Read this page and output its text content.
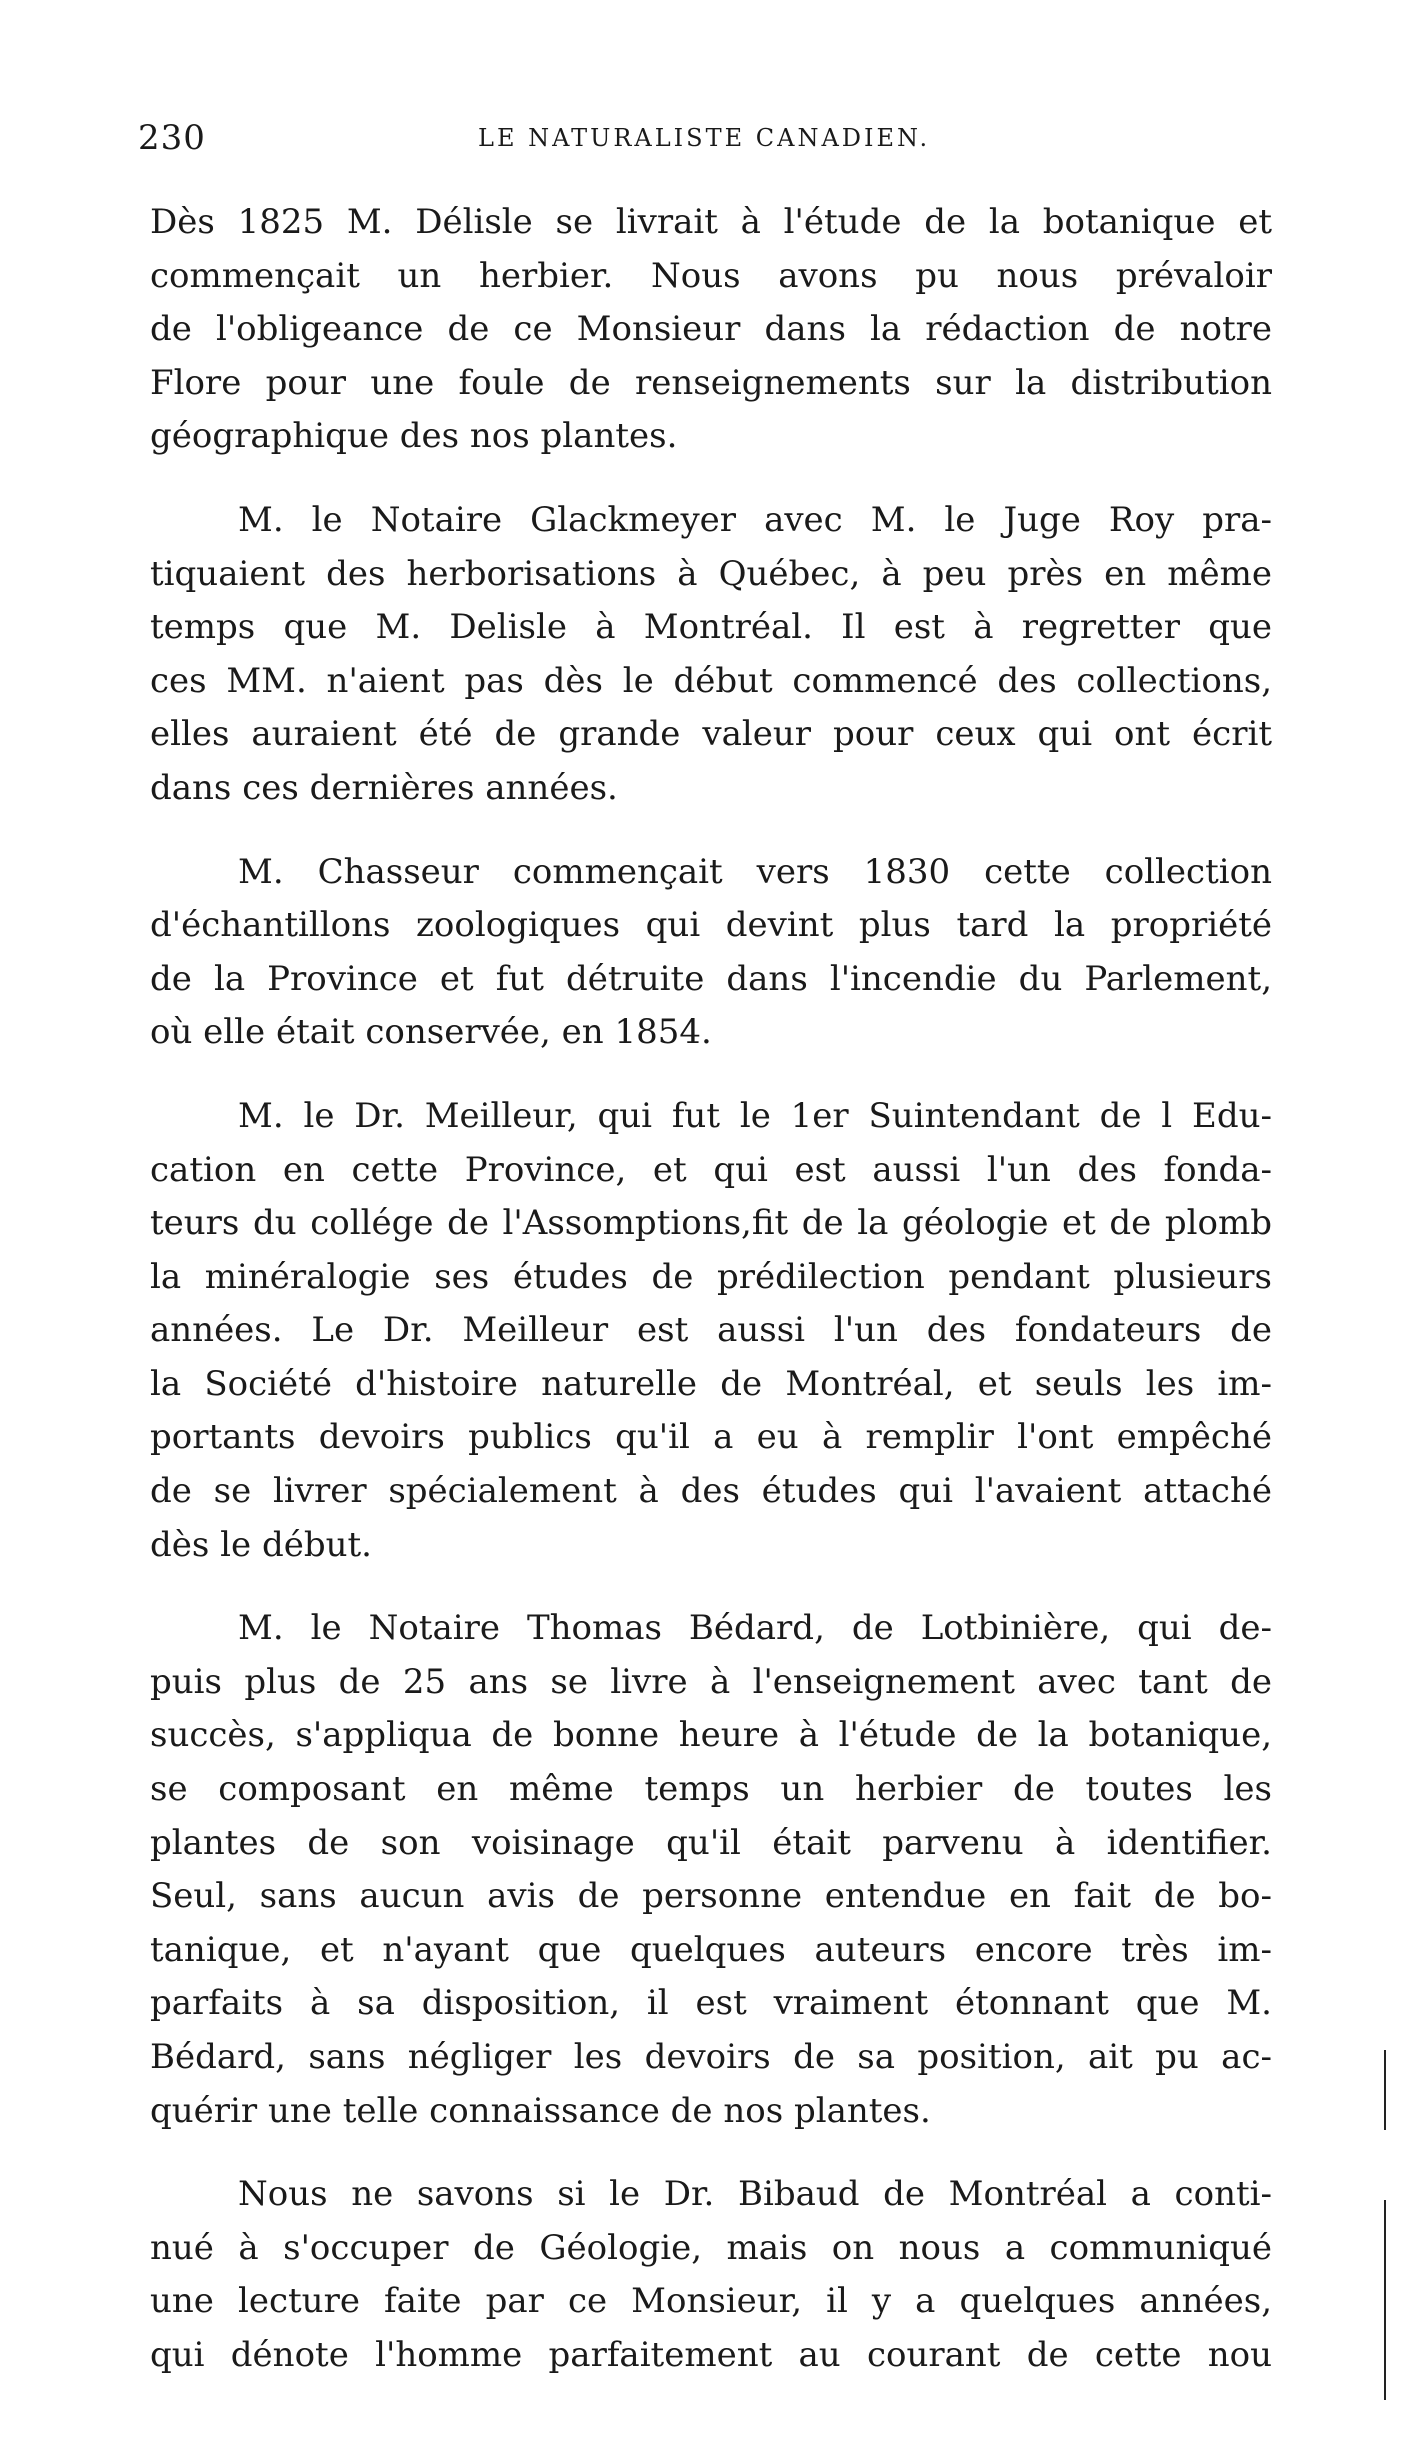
230	LE NATURALISTE CANADIEN.

Dès 1825 M. Délisle se livrait à l'étude de la botanique et
commençait un herbier. Nous avons pu nous prévaloir
de l'obligeance de ce Monsieur dans la rédaction de notre
Flore pour une foule de renseignements sur la distribution
géographique des nos plantes.

M. le Notaire Glackmeyer avec M. le Juge Roy pra-
tiquaient des herborisations à Québec, à peu près en même
temps que M. Delisle à Montréal. Il est à regretter que
ces MM. n'aient pas dès le début commencé des collections,
elles auraient été de grande valeur pour ceux qui ont écrit
dans ces dernières années.

M. Chasseur commençait vers 1830 cette collection
d'échantillons zoologiques qui devint plus tard la propriété
de la Province et fut détruite dans l'incendie du Parlement,
où elle était conservée, en 1854.

M. le Dr. Meilleur, qui fut le 1er Suintendant de l Edu-
cation en cette Province, et qui est aussi l'un des fonda-
teurs du collége de l'Assomptions,fit de la géologie et de plomb
la minéralogie ses études de prédilection pendant plusieurs
années. Le Dr. Meilleur est aussi l'un des fondateurs de
la Société d'histoire naturelle de Montréal, et seuls les im-
portants devoirs publics qu'il a eu à remplir l'ont empêché
de se livrer spécialement à des études qui l'avaient attaché
dès le début.

M. le Notaire Thomas Bédard, de Lotbinière, qui de-
puis plus de 25 ans se livre à l'enseignement avec tant de
succès, s'appliqua de bonne heure à l'étude de la botanique,
se composant en même temps un herbier de toutes les
plantes de son voisinage qu'il était parvenu à identifier.
Seul, sans aucun avis de personne entendue en fait de bo-
tanique, et n'ayant que quelques auteurs encore très im-
parfaits à sa disposition, il est vraiment étonnant que M.
Bédard, sans négliger les devoirs de sa position, ait pu ac-
quérir une telle connaissance de nos plantes.

Nous ne savons si le Dr. Bibaud de Montréal a conti-
nué à s'occuper de Géologie, mais on nous a communiqué
une lecture faite par ce Monsieur, il y a quelques années,
qui dénote l'homme parfaitement au courant de cette nou
